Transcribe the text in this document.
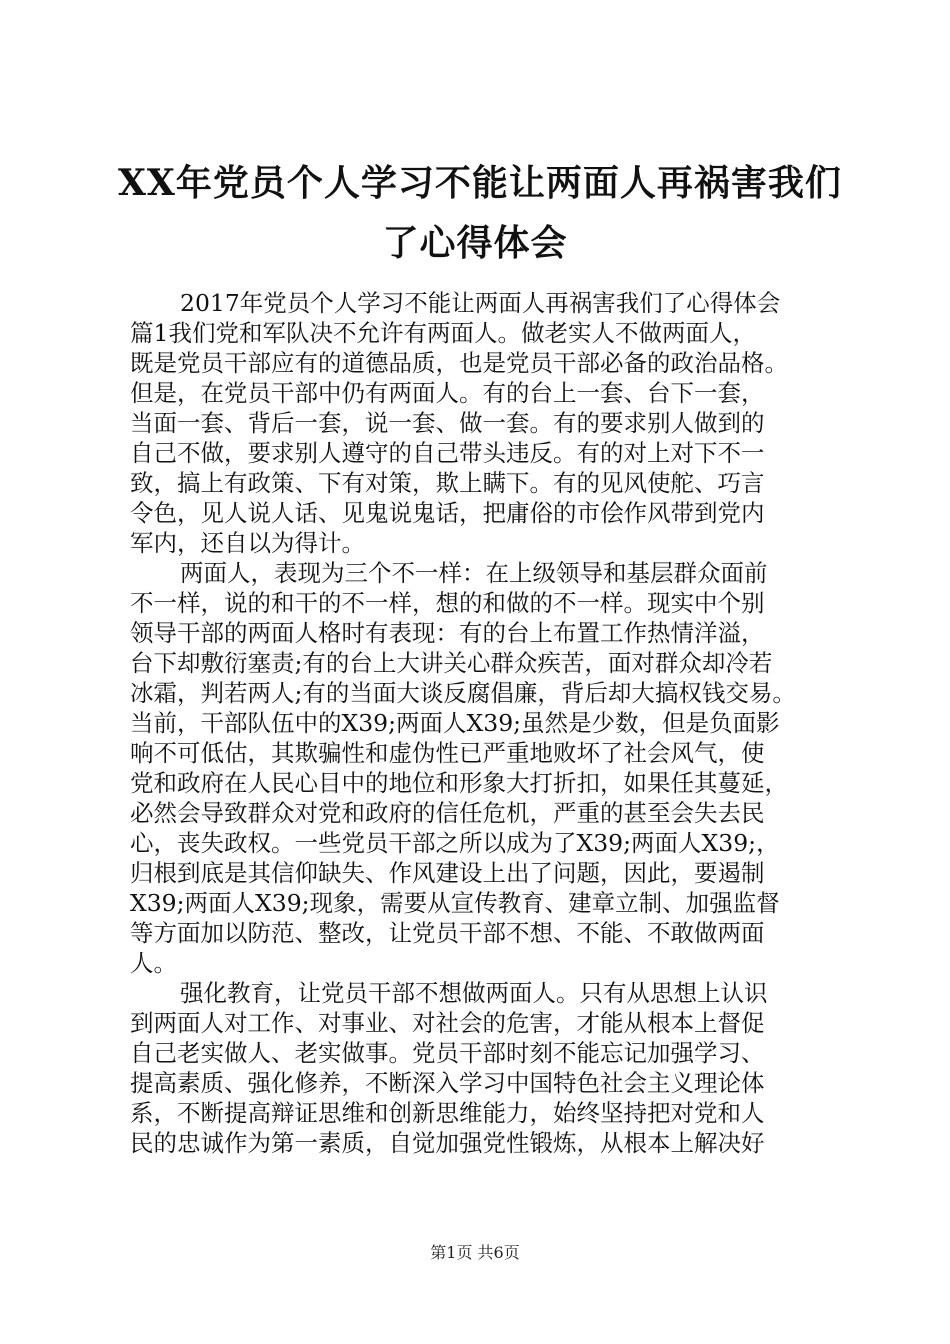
XX年党员个人学习不能让两面人再祸害我们
了心得体会
2017年党员个人学习不能让两面人再祸害我们了心得体会
篇1我们党和军队决不允许有两面人。做老实人不做两面人，
既是党员干部应有的道德品质，也是党员干部必备的政治品格。
但是，在党员干部中仍有两面人。有的台上一套、台下一套，
当面一套、背后一套，说一套、做一套。有的要求别人做到的
自己不做，要求别人遵守的自己带头违反。有的对上对下不一
致，搞上有政策、下有对策，欺上瞒下。有的见风使舵、巧言
令色，见人说人话、见鬼说鬼话，把庸俗的市侩作风带到党内
军内，还自以为得计。
两面人，表现为三个不一样：在上级领导和基层群众面前
不一样，说的和干的不一样，想的和做的不一样。现实中个别
领导干部的两面人格时有表现：有的台上布置工作热情洋溢，
台下却敷衍塞责;有的台上大讲关心群众疾苦，面对群众却冷若
冰霜，判若两人;有的当面大谈反腐倡廉，背后却大搞权钱交易。
当前，干部队伍中的X39;两面人X39;虽然是少数，但是负面影
响不可低估，其欺骗性和虚伪性已严重地败坏了社会风气，使
党和政府在人民心目中的地位和形象大打折扣，如果任其蔓延，
必然会导致群众对党和政府的信任危机，严重的甚至会失去民
心，丧失政权。一些党员干部之所以成为了X39;两面人X39;，
归根到底是其信仰缺失、作风建设上出了问题，因此，要遏制
X39;两面人X39;现象，需要从宣传教育、建章立制、加强监督
等方面加以防范、整改，让党员干部不想、不能、不敢做两面
人。
强化教育，让党员干部不想做两面人。只有从思想上认识
到两面人对工作、对事业、对社会的危害，才能从根本上督促
自己老实做人、老实做事。党员干部时刻不能忘记加强学习、
提高素质、强化修养，不断深入学习中国特色社会主义理论体
系，不断提高辩证思维和创新思维能力，始终坚持把对党和人
民的忠诚作为第一素质，自觉加强党性锻炼，从根本上解决好
第1页 共6页
